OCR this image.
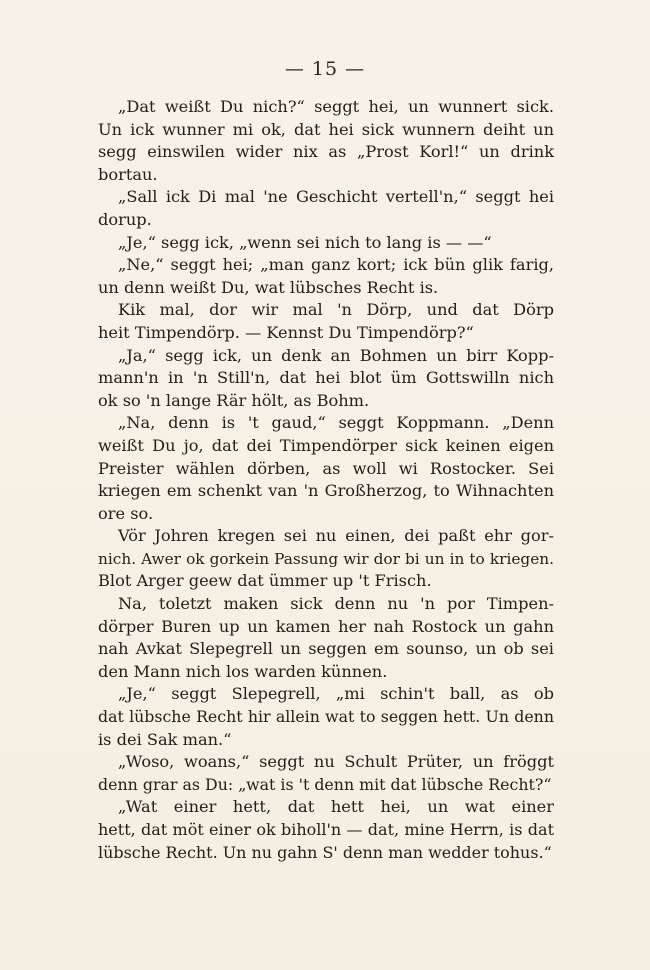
— 15 —
„Dat weißt Du nich?“ seggt hei, un wunnert sick.
Un ick wunner mi ok, dat hei sick wunnern deiht un
segg einswilen wider nix as „Prost Korl!“ un drink
bortau.
„Sall ick Di mal 'ne Geschicht vertell'n,“ seggt hei
dorup.
„Je,“ segg ick, „wenn sei nich to lang is — —“
„Ne,“ seggt hei; „man ganz kort; ick bün glik farig,
un denn weißt Du, wat lübsches Recht is.
Kik mal, dor wir mal 'n Dörp, und dat Dörp
heit Timpendörp. — Kennst Du Timpendörp?“
„Ja,“ segg ick, un denk an Bohmen un birr Kopp-
mann'n in 'n Still'n, dat hei blot üm Gottswilln nich
ok so 'n lange Rär hölt, as Bohm.
„Na, denn is 't gaud,“ seggt Koppmann. „Denn
weißt Du jo, dat dei Timpendörper sick keinen eigen
Preister wählen dörben, as woll wi Rostocker. Sei
kriegen em schenkt van 'n Großherzog, to Wihnachten
ore so.
Vör Johren kregen sei nu einen, dei paßt ehr gor-
nich. Awer ok gorkein Passung wir dor bi un in to kriegen.
Blot Arger geew dat ümmer up 't Frisch.
Na, toletzt maken sick denn nu 'n por Timpen-
dörper Buren up un kamen her nah Rostock un gahn
nah Avkat Slepegrell un seggen em sounso, un ob sei
den Mann nich los warden künnen.
„Je,“ seggt Slepegrell, „mi schin't ball, as ob
dat lübsche Recht hir allein wat to seggen hett. Un denn
is dei Sak man.“
„Woso, woans,“ seggt nu Schult Prüter, un fröggt
denn grar as Du: „wat is 't denn mit dat lübsche Recht?“
„Wat einer hett, dat hett hei, un wat einer
hett, dat möt einer ok biholl'n — dat, mine Herrn, is dat
lübsche Recht. Un nu gahn S' denn man wedder tohus.“
